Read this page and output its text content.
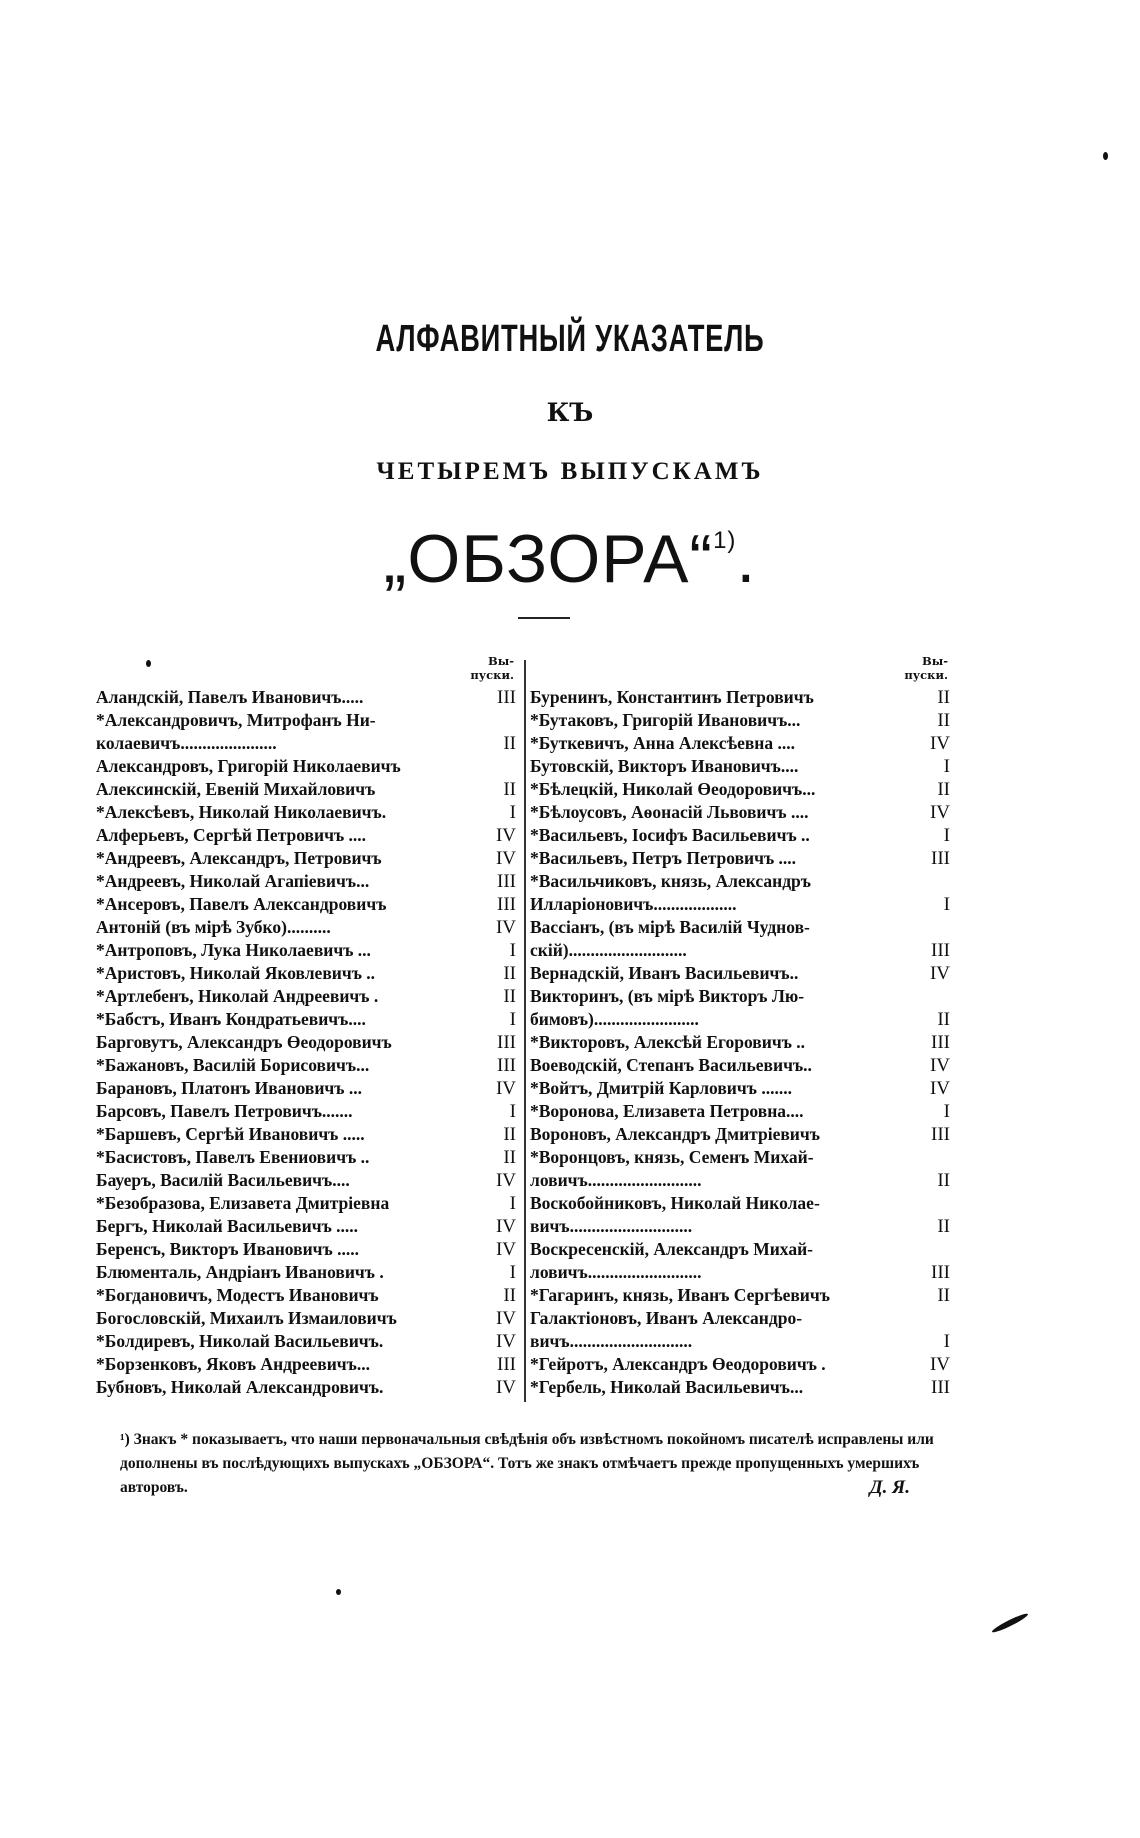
АЛФАВИТНЫЙ УКАЗАТЕЛЬ
КЪ
ЧЕТЫРЕМЪ ВЫПУСКАМЪ
„ОБЗОРА“$^{1)}$.
Вы-
пуски.
Аландскій, Павелъ Ивановичъ.....	III
*Александровичъ, Митрофанъ Ни-
колаевичъ......................	II
Александровъ, Григорій Николаевичъ
Алексинскій, Евеній Михайловичъ	II
*Алексѣевъ, Николай Николаевичъ.	I
Алферьевъ, Сергѣй Петровичъ ....	IV
*Андреевъ, Александръ, Петровичъ	IV
*Андреевъ, Николай Агапіевичъ...	III
*Ансеровъ, Павелъ Александровичъ	III
Антоній (въ мірѣ Зубко)..........	IV
*Антроповъ, Лука Николаевичъ ...	I
*Аристовъ, Николай Яковлевичъ ..	II
*Артлебенъ, Николай Андреевичъ .	II
*Бабстъ, Иванъ Кондратьевичъ....	I
Барговутъ, Александръ Өеодоровичъ	III
*Бажановъ, Василій Борисовичъ...	III
Барановъ, Платонъ Ивановичъ ...	IV
Барсовъ, Павелъ Петровичъ.......	I
*Баршевъ, Сергѣй Ивановичъ .....	II
*Басистовъ, Павелъ Евениовичъ ..	II
Бауеръ, Василій Васильевичъ....	IV
*Безобразова, Елизавета Дмитріевна	I
Бергъ, Николай Васильевичъ .....	IV
Беренсъ, Викторъ Ивановичъ .....	IV
Блюменталь, Андріанъ Ивановичъ .	I
*Богдановичъ, Модестъ Ивановичъ	II
Богословскій, Михаилъ Измаиловичъ	IV
*Болдиревъ, Николай Васильевичъ.	IV
*Борзенковъ, Яковъ Андреевичъ...	III
Бубновъ, Николай Александровичъ.	IV
Вы-
пуски.
Буренинъ, Константинъ Петровичъ	II
*Бутаковъ, Григорій Ивановичъ...	II
*Буткевичъ, Анна Алексѣевна ....	IV
Бутовскій, Викторъ Ивановичъ....	I
*Бѣлецкій, Николай Өеодоровичъ...	II
*Бѣлоусовъ, Аѳонасій Львовичъ ....	IV
*Васильевъ, Іосифъ Васильевичъ ..	I
*Васильевъ, Петръ Петровичъ ....	III
*Васильчиковъ, князь, Александръ
Илларіоновичъ...................	I
Вассіанъ, (въ мірѣ Василій Чуднов-
скій)...........................	III
Вернадскій, Иванъ Васильевичъ..	IV
Викторинъ, (въ мірѣ Викторъ Лю-
бимовъ)........................	II
*Викторовъ, Алексѣй Егоровичъ ..	III
Воеводскій, Степанъ Васильевичъ..	IV
*Войтъ, Дмитрій Карловичъ .......	IV
*Воронова, Елизавета Петровна....	I
Вороновъ, Александръ Дмитріевичъ	III
*Воронцовъ, князь, Семенъ Михай-
ловичъ..........................	II
Воскобойниковъ, Николай Николае-
вичъ............................	II
Воскресенскій, Александръ Михай-
ловичъ..........................	III
*Гагаринъ, князь, Иванъ Сергѣевичъ	II
Галактіоновъ, Иванъ Александро-
вичъ............................	I
*Гейротъ, Александръ Өеодоровичъ .	IV
*Гербель, Николай Васильевичъ...	III

¹) Знакъ * показываетъ, что наши первоначальныя свѣдѣнія объ извѣстномъ покойномъ писателѣ исправлены или дополнены въ послѣдующихъ выпускахъ „ОБЗОРА“. Тотъ же знакъ отмѣчаетъ прежде пропущенныхъ умершихъ авторовъ.	Д. Я.
